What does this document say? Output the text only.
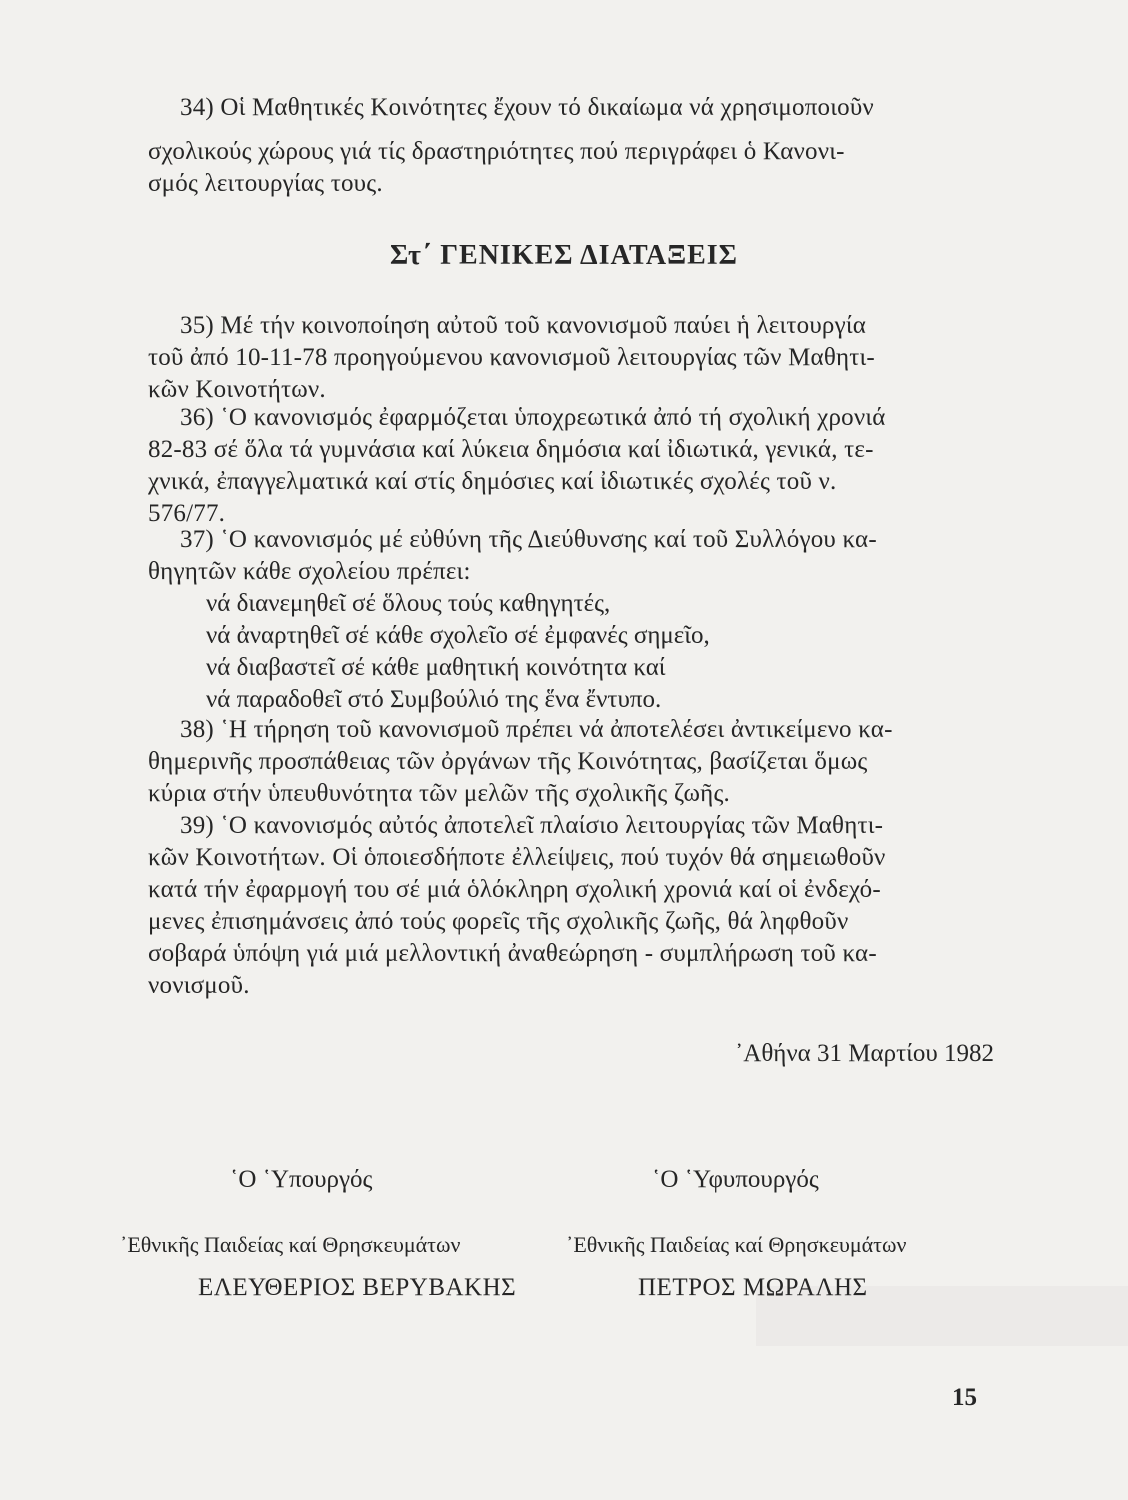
34) Οἱ Μαθητικές Κοινότητες ἔχουν τό δικαίωμα νά χρησιμοποιοῦν
σχολικούς χώρους γιά τίς δραστηριότητες πού περιγράφει ὁ Κανονι-
σμός λειτουργίας τους.
Στ΄ ΓΕΝΙΚΕΣ ΔΙΑΤΑΞΕΙΣ
35) Μέ τήν κοινοποίηση αὐτοῦ τοῦ κανονισμοῦ παύει ἡ λειτουργία
τοῦ ἀπό 10-11-78 προηγούμενου κανονισμοῦ λειτουργίας τῶν Μαθητι-
κῶν Κοινοτήτων.
36) ῾Ο κανονισμός ἐφαρμόζεται ὑποχρεωτικά ἀπό τή σχολική χρονιά
82-83 σέ ὅλα τά γυμνάσια καί λύκεια δημόσια καί ἰδιωτικά, γενικά, τε-
χνικά, ἐπαγγελματικά καί στίς δημόσιες καί ἰδιωτικές σχολές τοῦ ν.
576/77.
37) ῾Ο κανονισμός μέ εὐθύνη τῆς Διεύθυνσης καί τοῦ Συλλόγου κα-
θηγητῶν κάθε σχολείου πρέπει:
νά διανεμηθεῖ σέ ὅλους τούς καθηγητές,
νά ἀναρτηθεῖ σέ κάθε σχολεῖο σέ ἐμφανές σημεῖο,
νά διαβαστεῖ σέ κάθε μαθητική κοινότητα καί
νά παραδοθεῖ στό Συμβούλιό της ἕνα ἔντυπο.
38) ῾Η τήρηση τοῦ κανονισμοῦ πρέπει νά ἀποτελέσει ἀντικείμενο κα-
θημερινῆς προσπάθειας τῶν ὀργάνων τῆς Κοινότητας, βασίζεται ὅμως
κύρια στήν ὑπευθυνότητα τῶν μελῶν τῆς σχολικῆς ζωῆς.
39) ῾Ο κανονισμός αὐτός ἀποτελεῖ πλαίσιο λειτουργίας τῶν Μαθητι-
κῶν Κοινοτήτων. Οἱ ὁποιεσδήποτε ἐλλείψεις, πού τυχόν θά σημειωθοῦν
κατά τήν ἐφαρμογή του σέ μιά ὁλόκληρη σχολική χρονιά καί οἱ ἐνδεχό-
μενες ἐπισημάνσεις ἀπό τούς φορεῖς τῆς σχολικῆς ζωῆς, θά ληφθοῦν
σοβαρά ὑπόψη γιά μιά μελλοντική ἀναθεώρηση - συμπλήρωση τοῦ κα-
νονισμοῦ.
᾽Αθήνα 31 Μαρτίου 1982
῾Ο ῾Υπουργός	῾Ο ῾Υφυπουργός
᾽Εθνικῆς Παιδείας καί Θρησκευμάτων	᾽Εθνικῆς Παιδείας καί Θρησκευμάτων
ΕΛΕΥΘΕΡΙΟΣ ΒΕΡΥΒΑΚΗΣ	ΠΕΤΡΟΣ ΜΩΡΑΛΗΣ
15
